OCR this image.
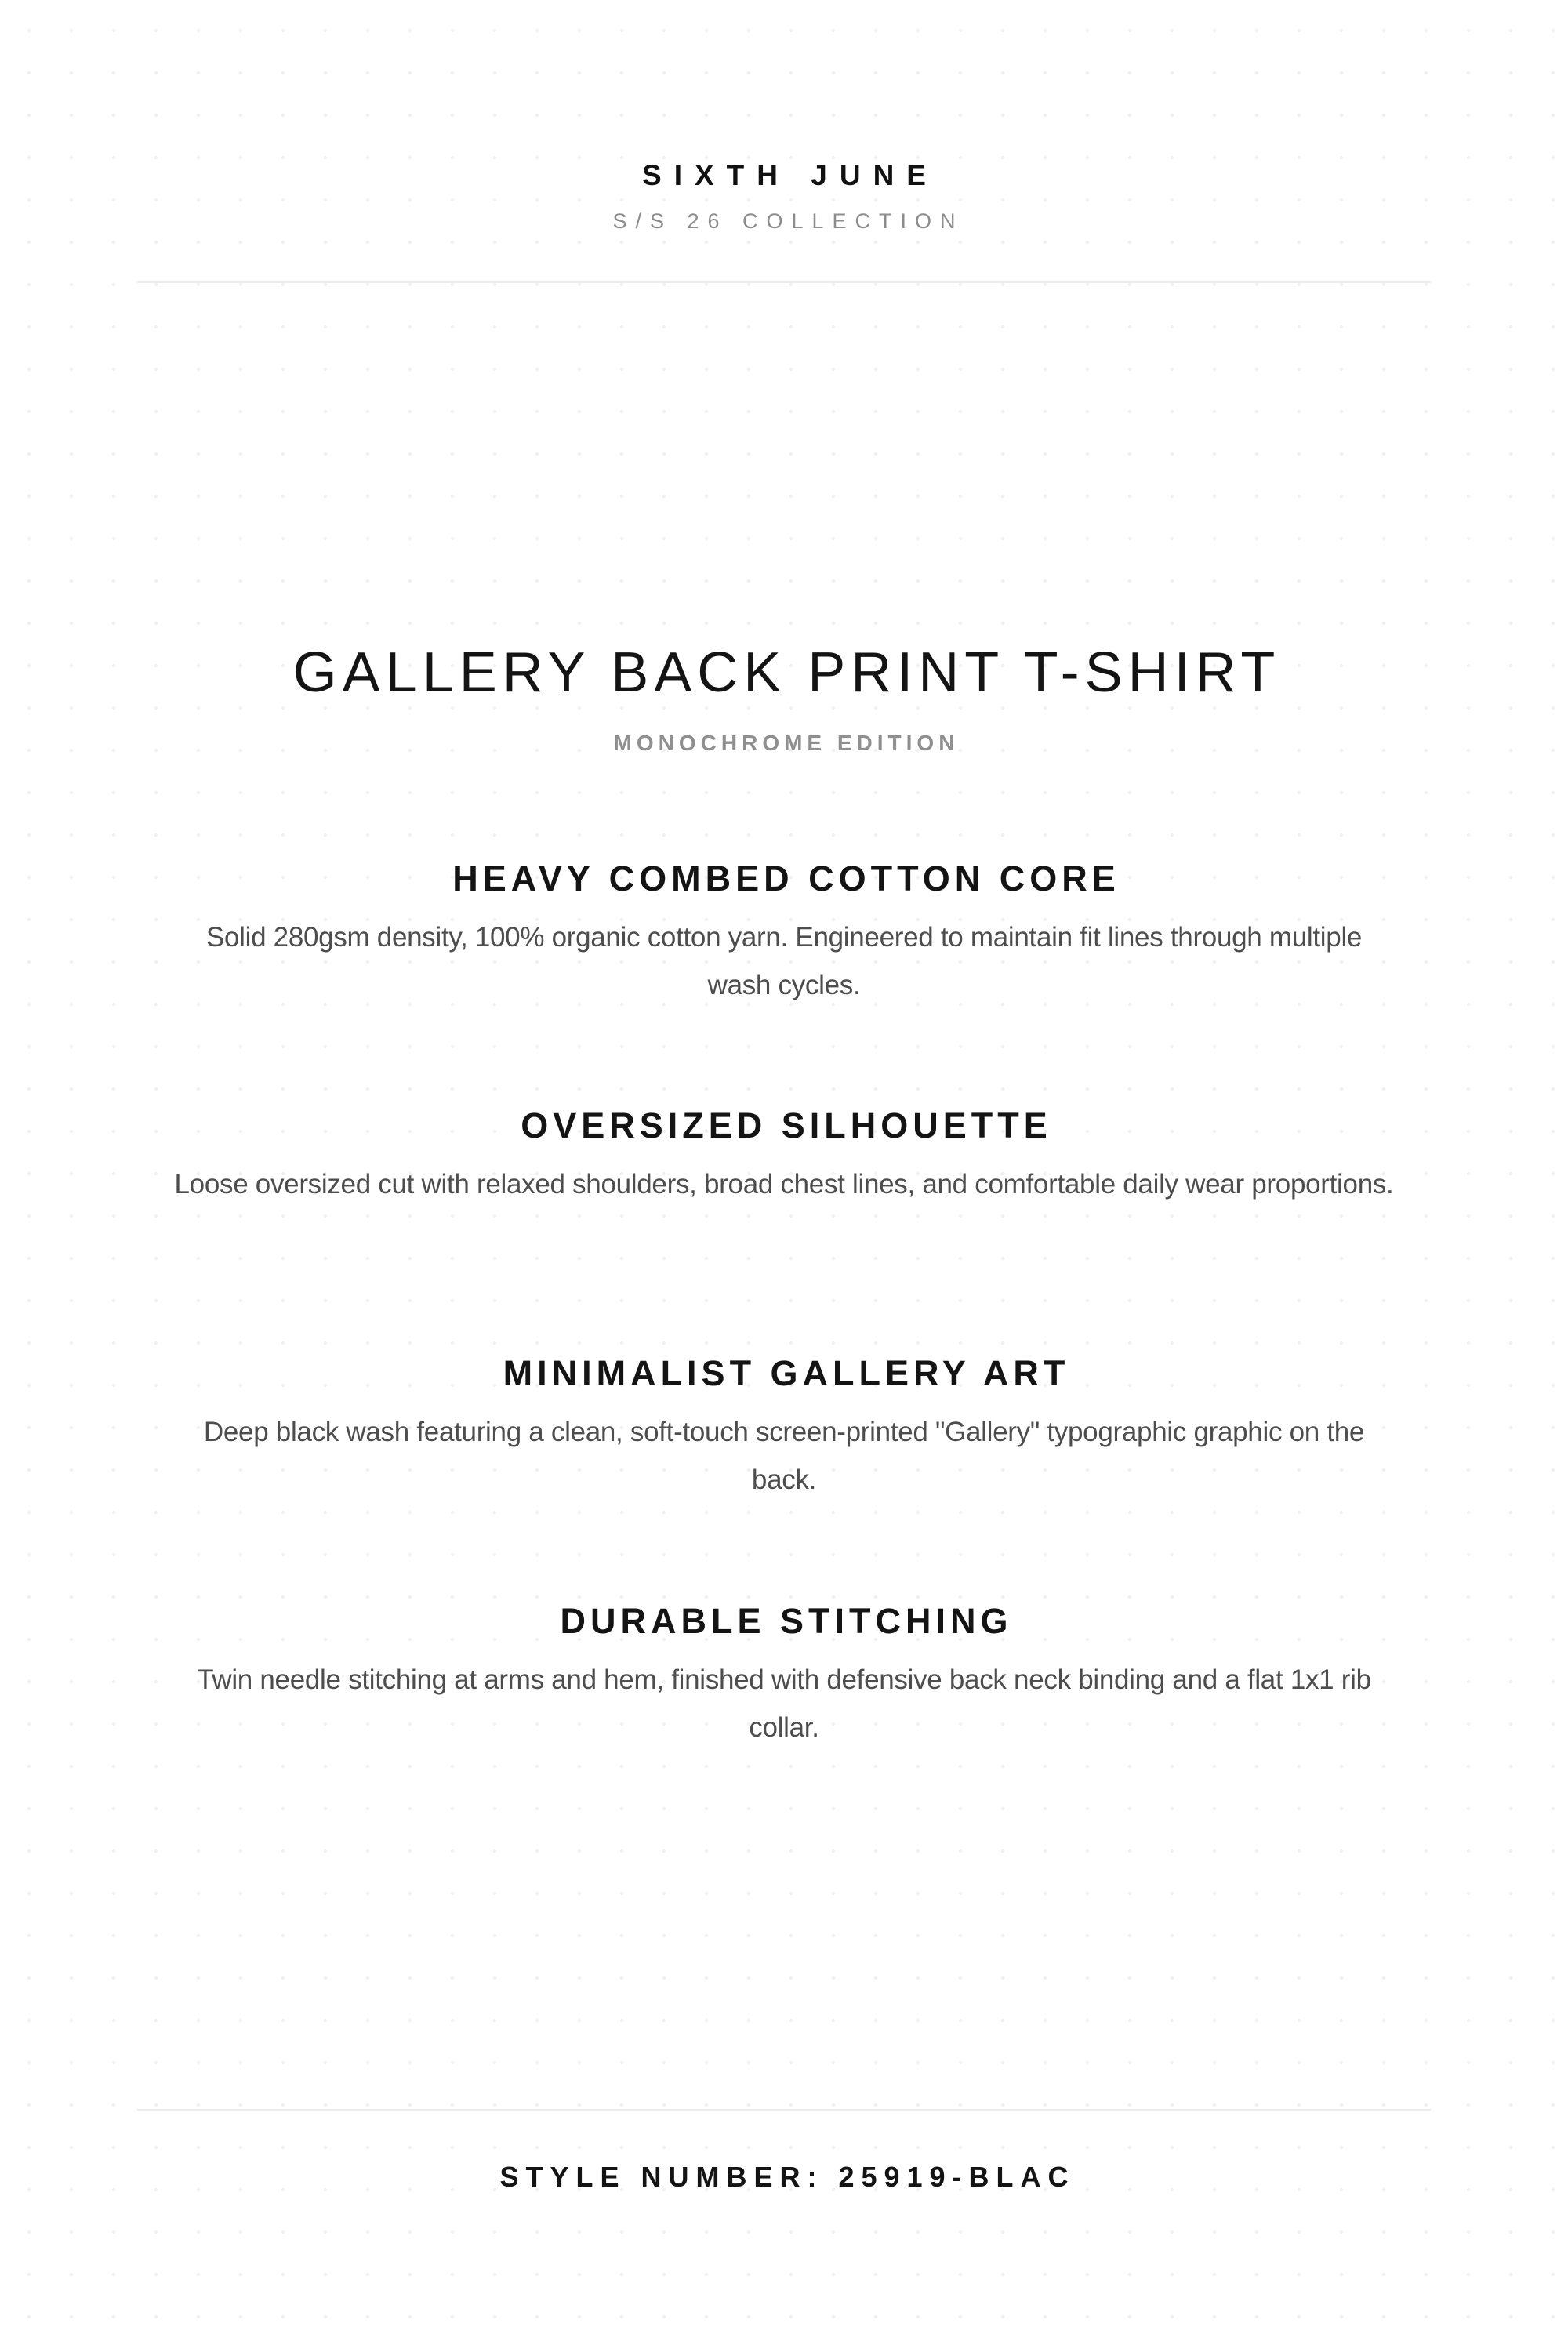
SIXTH JUNE
S/S 26 COLLECTION
GALLERY BACK PRINT T-SHIRT
MONOCHROME EDITION
HEAVY COMBED COTTON CORE

Solid 280gsm density, 100% organic cotton yarn. Engineered to maintain fit lines through multiple wash cycles.

OVERSIZED SILHOUETTE

Loose oversized cut with relaxed shoulders, broad chest lines, and comfortable daily wear proportions.

MINIMALIST GALLERY ART

Deep black wash featuring a clean, soft-touch screen-printed "Gallery" typographic graphic on the back.

DURABLE STITCHING

Twin needle stitching at arms and hem, finished with defensive back neck binding and a flat 1x1 rib collar.

STYLE NUMBER: 25919-BLAC
